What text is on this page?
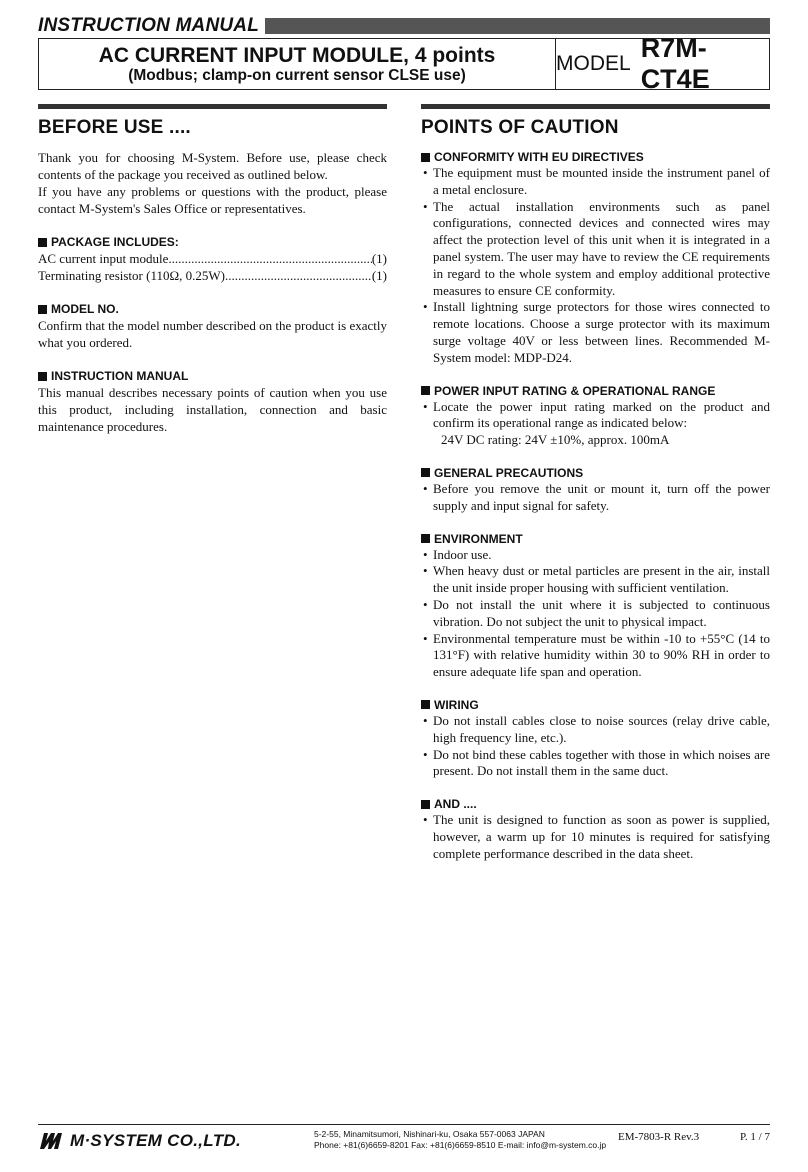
INSTRUCTION MANUAL
AC CURRENT INPUT MODULE, 4 points
(Modbus; clamp-on current sensor CLSE use)	MODEL
R7M-CT4E
BEFORE USE ....

Thank you for choosing M-System. Before use, please check contents of the package you received as outlined below.

If you have any problems or questions with the product, please contact M-System's Sales Office or representatives.

PACKAGE INCLUDES:
AC current input module .....	(1)
Terminating resistor (110Ω, 0.25W) .....	(1)
MODEL NO.

Confirm that the model number described on the product is exactly what you ordered.

INSTRUCTION MANUAL

This manual describes necessary points of caution when you use this product, including installation, connection and basic maintenance procedures.

POINTS OF CAUTION
CONFORMITY WITH EU DIRECTIVES
• The equipment must be mounted inside the instrument panel of a metal enclosure.
• The actual installation environments such as panel configurations, connected devices and connected wires may affect the protection level of this unit when it is integrated in a panel system. The user may have to review the CE requirements in regard to the whole system and employ additional protective measures to ensure CE conformity.
• Install lightning surge protectors for those wires connected to remote locations. Choose a surge protector with its maximum surge voltage 40V or less between lines. Recommended M-System model: MDP-D24.
POWER INPUT RATING & OPERATIONAL RANGE
• Locate the power input rating marked on the product and confirm its operational range as indicated below:
24V DC rating: 24V ±10%, approx. 100mA
GENERAL PRECAUTIONS
• Before you remove the unit or mount it, turn off the power supply and input signal for safety.
ENVIRONMENT
• Indoor use.
• When heavy dust or metal particles are present in the air, install the unit inside proper housing with sufficient ventilation.
• Do not install the unit where it is subjected to continuous vibration. Do not subject the unit to physical impact.
• Environmental temperature must be within -10 to +55°C (14 to 131°F) with relative humidity within 30 to 90% RH in order to ensure adequate life span and operation.
WIRING
• Do not install cables close to noise sources (relay drive cable, high frequency line, etc.).
• Do not bind these cables together with those in which noises are present. Do not install them in the same duct.
AND ....
• The unit is designed to function as soon as power is supplied, however, a warm up for 10 minutes is required for satisfying complete performance described in the data sheet.
M·SYSTEM CO.,LTD.	5-2-55, Minamitsumori, Nishinari-ku, Osaka 557-0063 JAPAN
Phone: +81(6)6659-8201 Fax: +81(6)6659-8510 E-mail: info@m-system.co.jp
EM-7803-R Rev.3	P. 1 / 7
